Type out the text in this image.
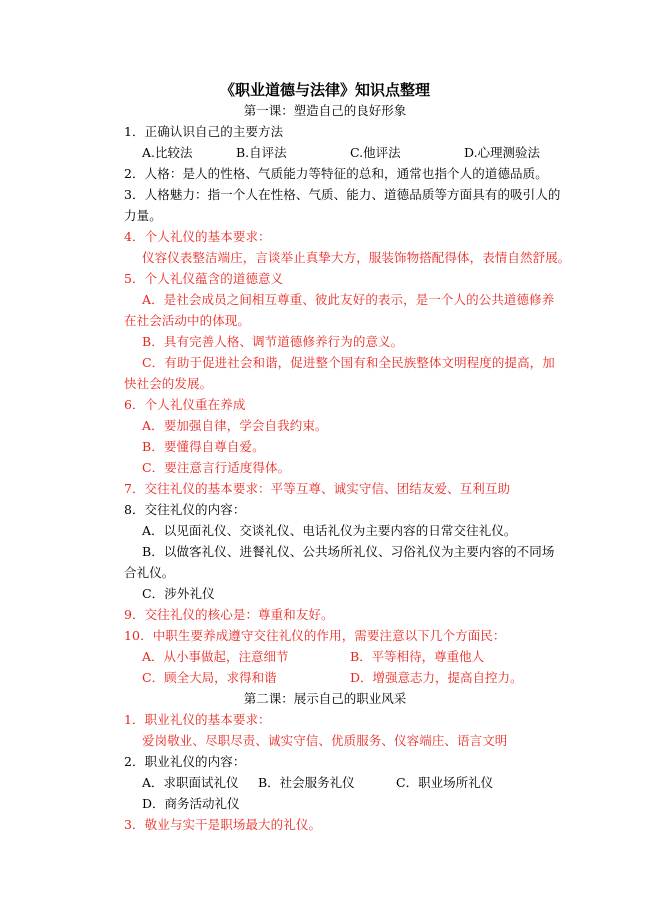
《职业道德与法律》知识点整理
第一课：塑造自己的良好形象
1．正确认识自己的主要方法
A.比较法	B.自评法	C.他评法	D.心理测验法
2．人格：是人的性格、气质能力等特征的总和，通常也指个人的道德品质。
3．人格魅力：指一个人在性格、气质、能力、道德品质等方面具有的吸引人的
力量。
4．个人礼仪的基本要求：
仪容仪表整洁端庄，言谈举止真挚大方，服装饰物搭配得体，表情自然舒展。
5．个人礼仪蕴含的道德意义
A．是社会成员之间相互尊重、彼此友好的表示，是一个人的公共道德修养
在社会活动中的体现。
B．具有完善人格、调节道德修养行为的意义。
C．有助于促进社会和谐，促进整个国有和全民族整体文明程度的提高，加
快社会的发展。
6．个人礼仪重在养成
A．要加强自律，学会自我约束。
B．要懂得自尊自爱。
C．要注意言行适度得体。
7．交往礼仪的基本要求：平等互尊、诚实守信、团结友爱、互利互助
8．交往礼仪的内容：
A．以见面礼仪、交谈礼仪、电话礼仪为主要内容的日常交往礼仪。
B．以做客礼仪、进餐礼仪、公共场所礼仪、习俗礼仪为主要内容的不同场
合礼仪。
C．涉外礼仪
9．交往礼仪的核心是：尊重和友好。
10．中职生要养成遵守交往礼仪的作用，需要注意以下几个方面民：
A．从小事做起，注意细节	B．平等相待，尊重他人
C．顾全大局，求得和谐	D．增强意志力，提高自控力。
第二课：展示自己的职业风采
1．职业礼仪的基本要求：
爱岗敬业、尽职尽责、诚实守信、优质服务、仪容端庄、语言文明
2．职业礼仪的内容：
A．求职面试礼仪 B．社会服务礼仪	C．职业场所礼仪
D．商务活动礼仪
3．敬业与实干是职场最大的礼仪。
